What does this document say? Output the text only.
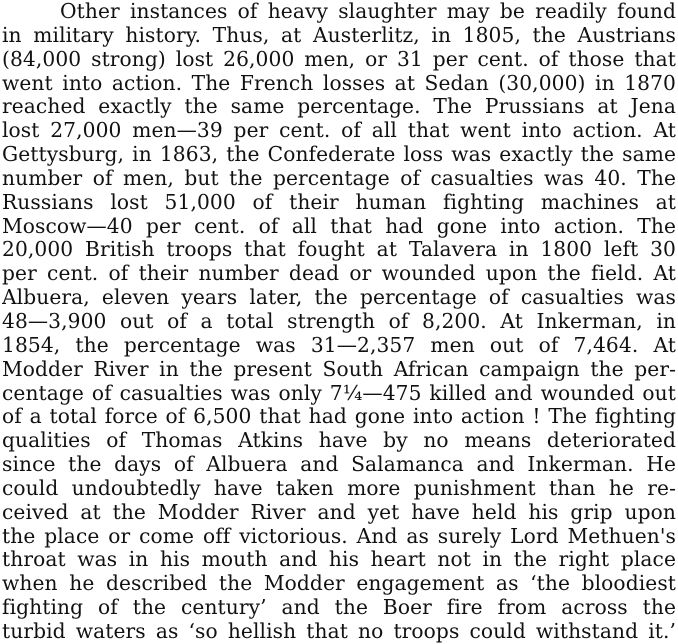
Other instances of heavy slaughter may be readily found
in military history. Thus, at Austerlitz, in 1805, the Austrians
(84,000 strong) lost 26,000 men, or 31 per cent. of those that
went into action. The French losses at Sedan (30,000) in 1870
reached exactly the same percentage. The Prussians at Jena
lost 27,000 men—39 per cent. of all that went into action. At
Gettysburg, in 1863, the Confederate loss was exactly the same
number of men, but the percentage of casualties was 40. The
Russians lost 51,000 of their human fighting machines at
Moscow—40 per cent. of all that had gone into action. The
20,000 British troops that fought at Talavera in 1800 left 30
per cent. of their number dead or wounded upon the field. At
Albuera, eleven years later, the percentage of casualties was
48—3,900 out of a total strength of 8,200. At Inkerman, in
1854, the percentage was 31—2,357 men out of 7,464. At
Modder River in the present South African campaign the per-
centage of casualties was only 7¼—475 killed and wounded out
of a total force of 6,500 that had gone into action ! The fighting
qualities of Thomas Atkins have by no means deteriorated
since the days of Albuera and Salamanca and Inkerman. He
could undoubtedly have taken more punishment than he re-
ceived at the Modder River and yet have held his grip upon
the place or come off victorious. And as surely Lord Methuen's
throat was in his mouth and his heart not in the right place
when he described the Modder engagement as ‘the bloodiest
fighting of the century’ and the Boer fire from across the
turbid waters as ‘so hellish that no troops could withstand it.’
